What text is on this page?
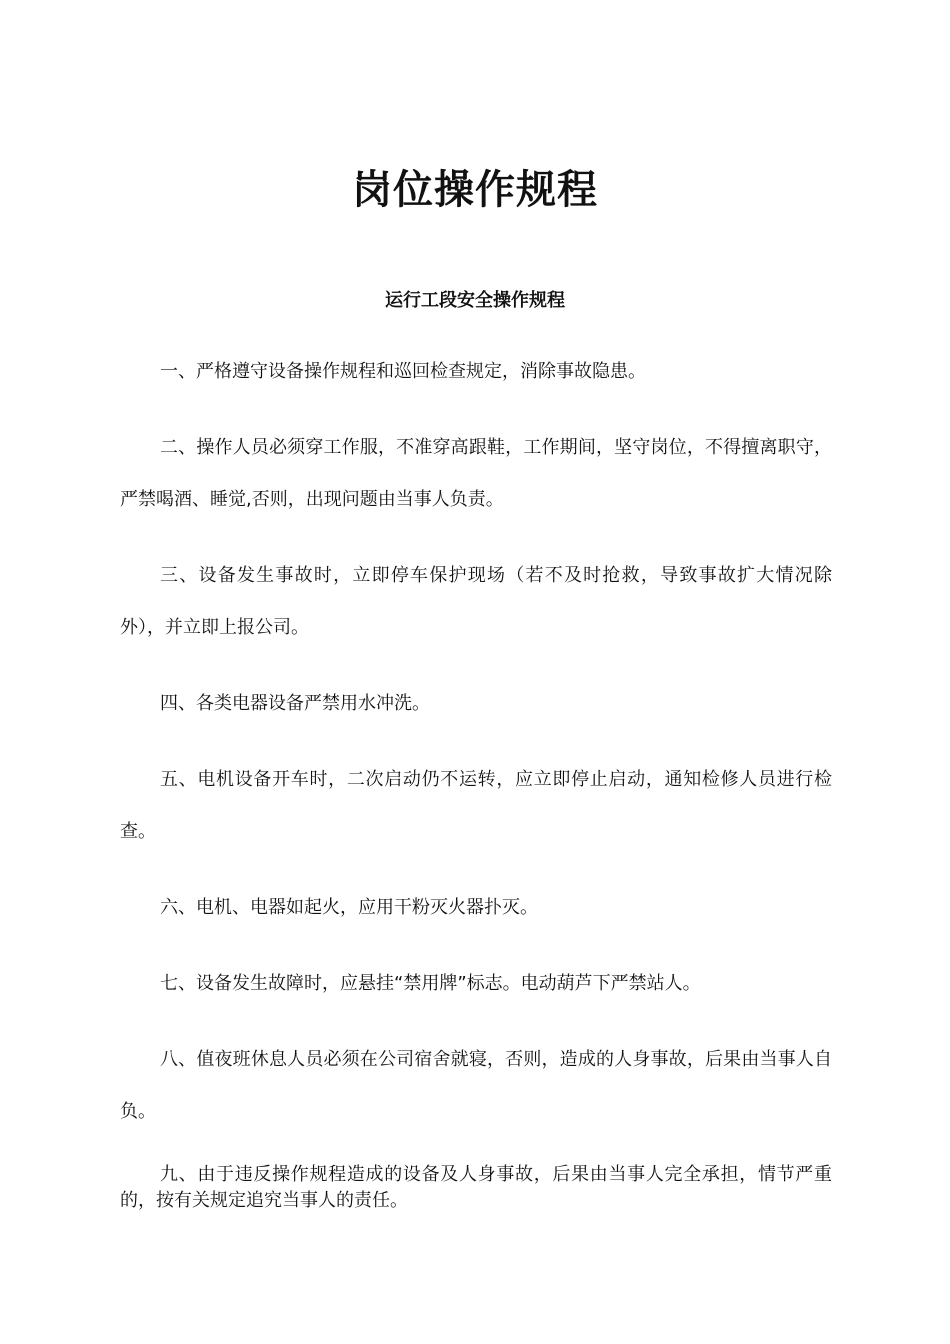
岗位操作规程
运行工段安全操作规程

一、严格遵守设备操作规程和巡回检查规定，消除事故隐患。

二、操作人员必须穿工作服，不准穿高跟鞋，工作期间，坚守岗位，不得擅离职守，严禁喝酒、睡觉,否则，出现问题由当事人负责。

三、设备发生事故时，立即停车保护现场（若不及时抢救，导致事故扩大情况除外），并立即上报公司。

四、各类电器设备严禁用水冲洗。

五、电机设备开车时，二次启动仍不运转，应立即停止启动，通知检修人员进行检查。

六、电机、电器如起火，应用干粉灭火器扑灭。

七、设备发生故障时，应悬挂“禁用牌”标志。电动葫芦下严禁站人。

八、值夜班休息人员必须在公司宿舍就寝，否则，造成的人身事故，后果由当事人自负。

九、由于违反操作规程造成的设备及人身事故，后果由当事人完全承担，情节严重的，按有关规定追究当事人的责任。
